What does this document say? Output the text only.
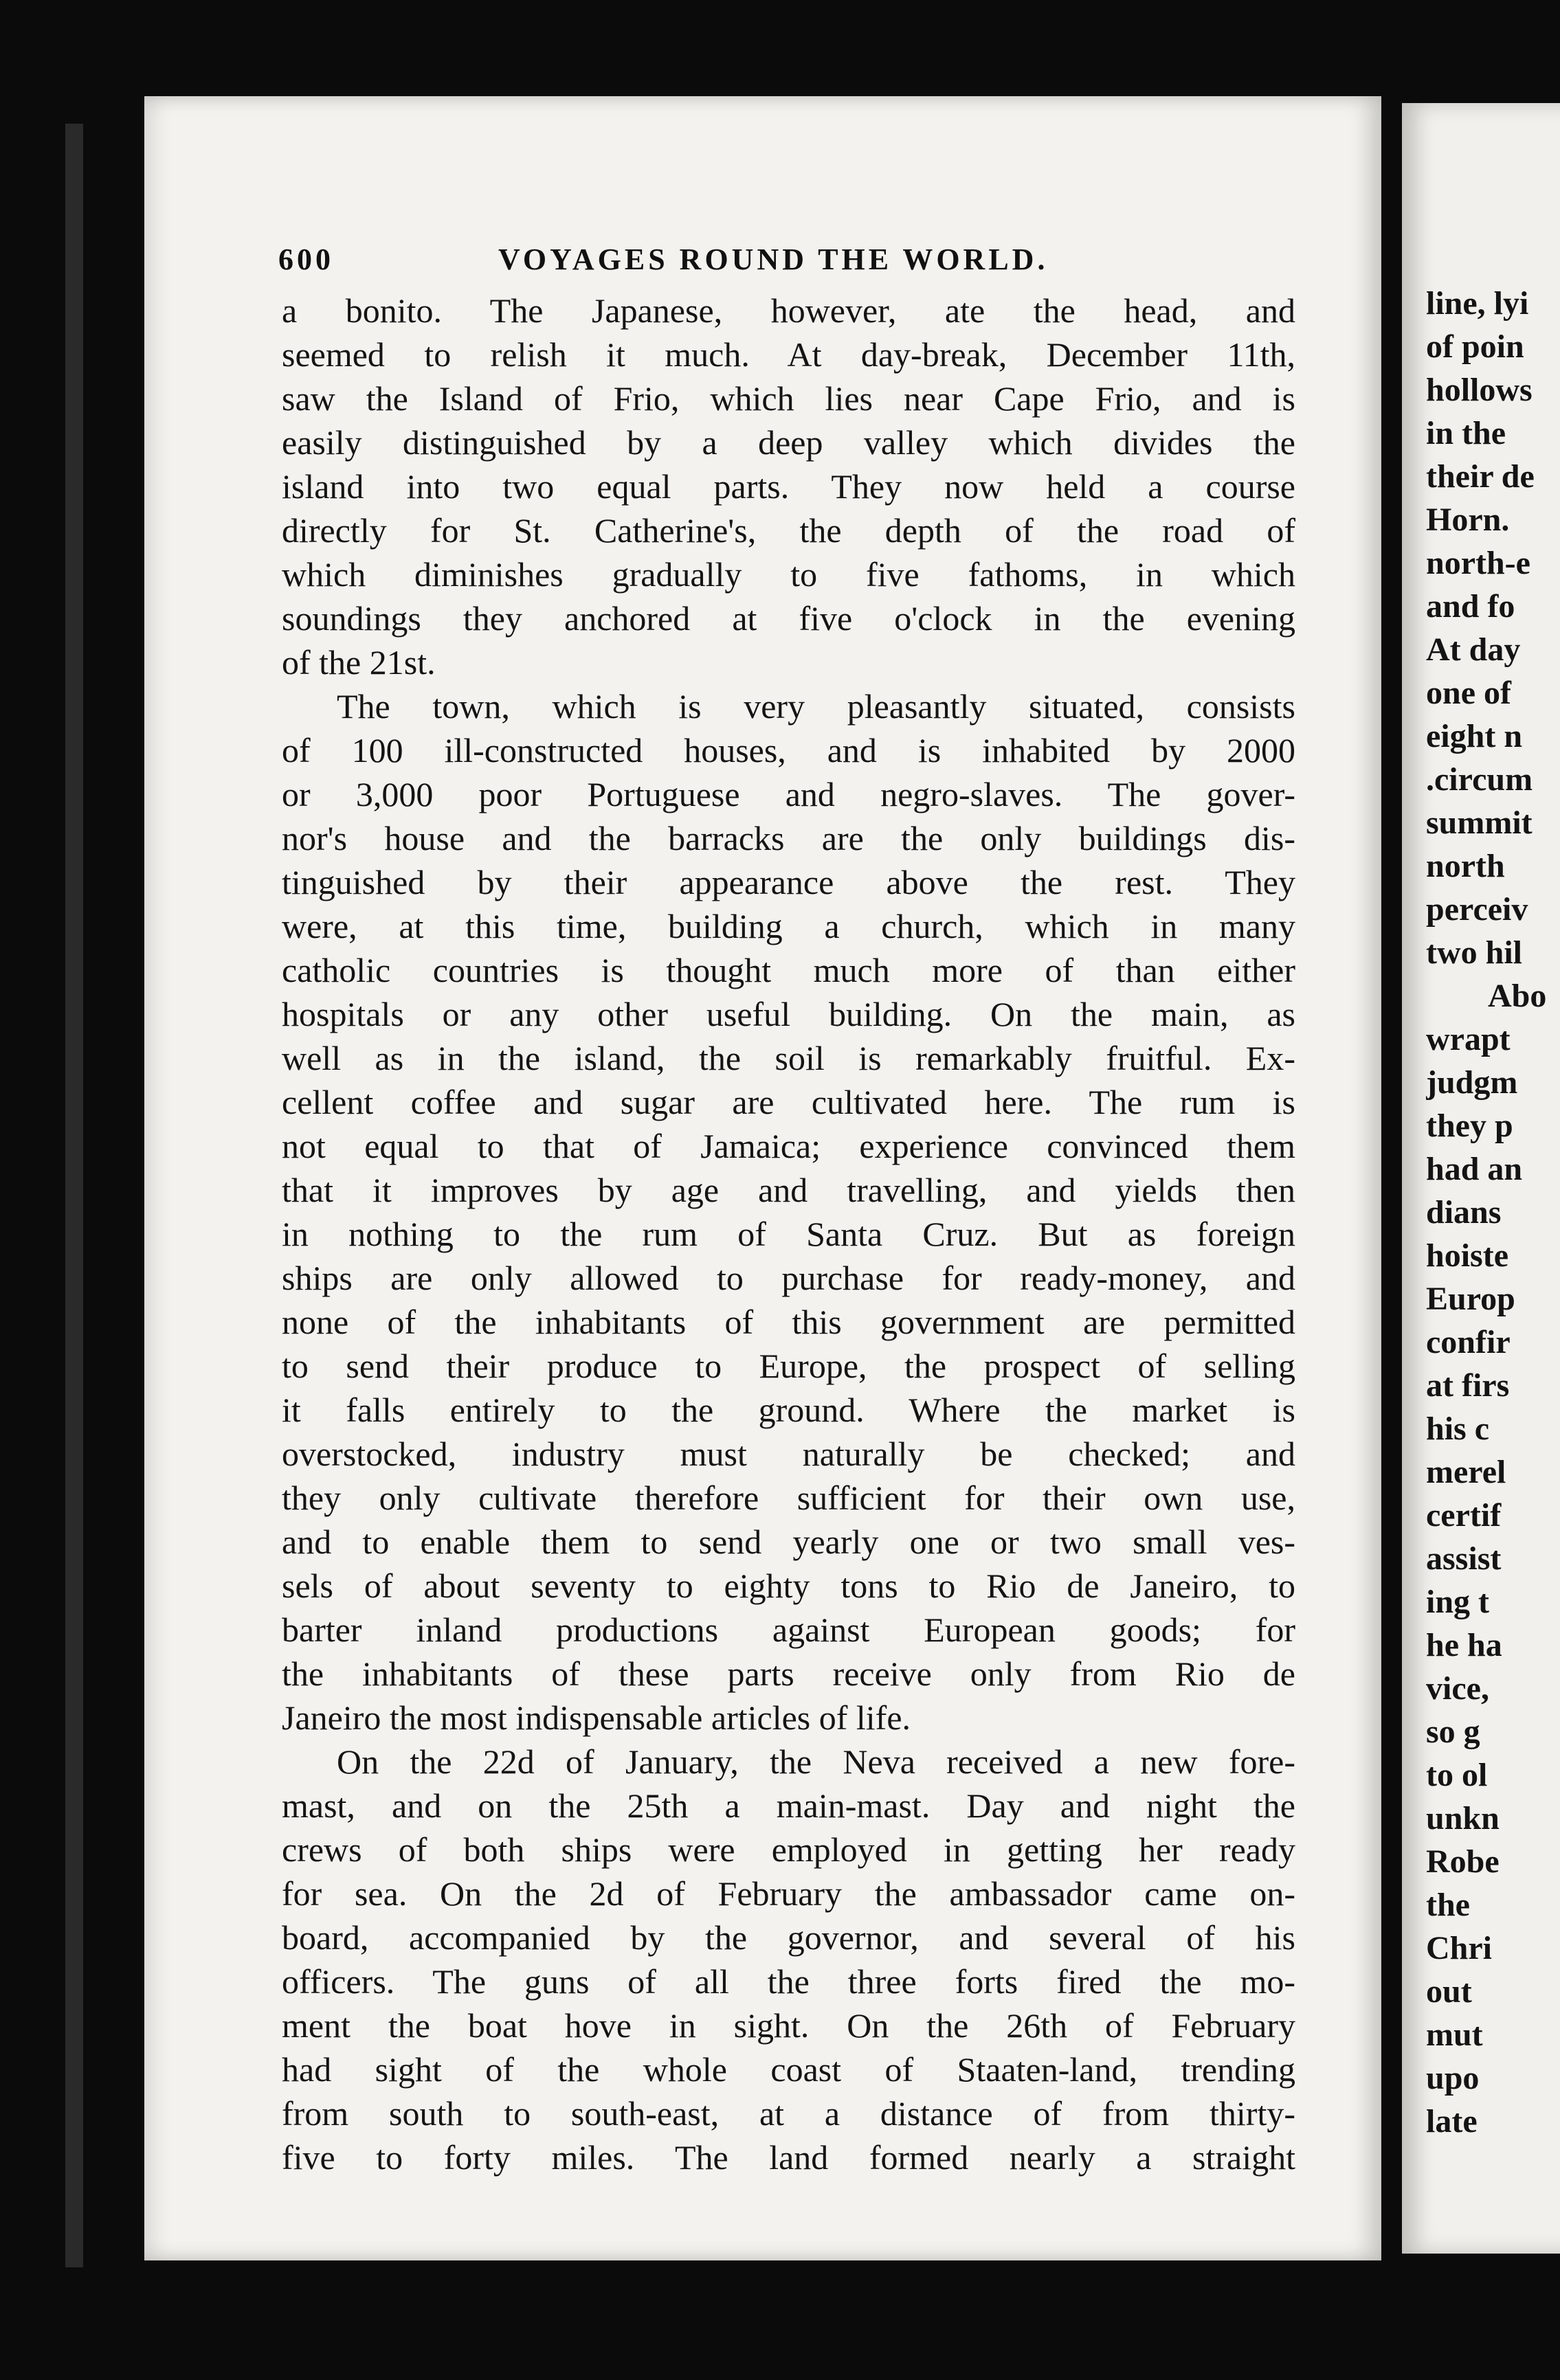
600	VOYAGES ROUND THE WORLD.
a bonito. The Japanese, however, ate the head, and
seemed to relish it much. At day-break, December 11th,
saw the Island of Frio, which lies near Cape Frio, and is
easily distinguished by a deep valley which divides the
island into two equal parts. They now held a course
directly for St. Catherine's, the depth of the road of
which diminishes gradually to five fathoms, in which
soundings they anchored at five o'clock in the evening
of the 21st.
The town, which is very pleasantly situated, consists
of 100 ill-constructed houses, and is inhabited by 2000
or 3,000 poor Portuguese and negro-slaves. The gover-
nor's house and the barracks are the only buildings dis-
tinguished by their appearance above the rest. They
were, at this time, building a church, which in many
catholic countries is thought much more of than either
hospitals or any other useful building. On the main, as
well as in the island, the soil is remarkably fruitful. Ex-
cellent coffee and sugar are cultivated here. The rum is
not equal to that of Jamaica; experience convinced them
that it improves by age and travelling, and yields then
in nothing to the rum of Santa Cruz. But as foreign
ships are only allowed to purchase for ready-money, and
none of the inhabitants of this government are permitted
to send their produce to Europe, the prospect of selling
it falls entirely to the ground. Where the market is
overstocked, industry must naturally be checked; and
they only cultivate therefore sufficient for their own use,
and to enable them to send yearly one or two small ves-
sels of about seventy to eighty tons to Rio de Janeiro, to
barter inland productions against European goods; for
the inhabitants of these parts receive only from Rio de
Janeiro the most indispensable articles of life.
On the 22d of January, the Neva received a new fore-
mast, and on the 25th a main-mast. Day and night the
crews of both ships were employed in getting her ready
for sea. On the 2d of February the ambassador came on-
board, accompanied by the governor, and several of his
officers. The guns of all the three forts fired the mo-
ment the boat hove in sight. On the 26th of February
had sight of the whole coast of Staaten-land, trending
from south to south-east, at a distance of from thirty-
five to forty miles. The land formed nearly a straight
line, lyi
of poin
hollows
in the
their de
Horn.
north-e
and fo
At day
one of
eight n
.circum
summit
north
perceiv
two hil
Abo
wrapt
judgm
they p
had an
dians
hoiste
Europ
confir
at firs
his c
merel
certif
assist
ing t
he ha
vice,
so g
to ol
unkn
Robe
the
Chri
out
mut
upo
late
